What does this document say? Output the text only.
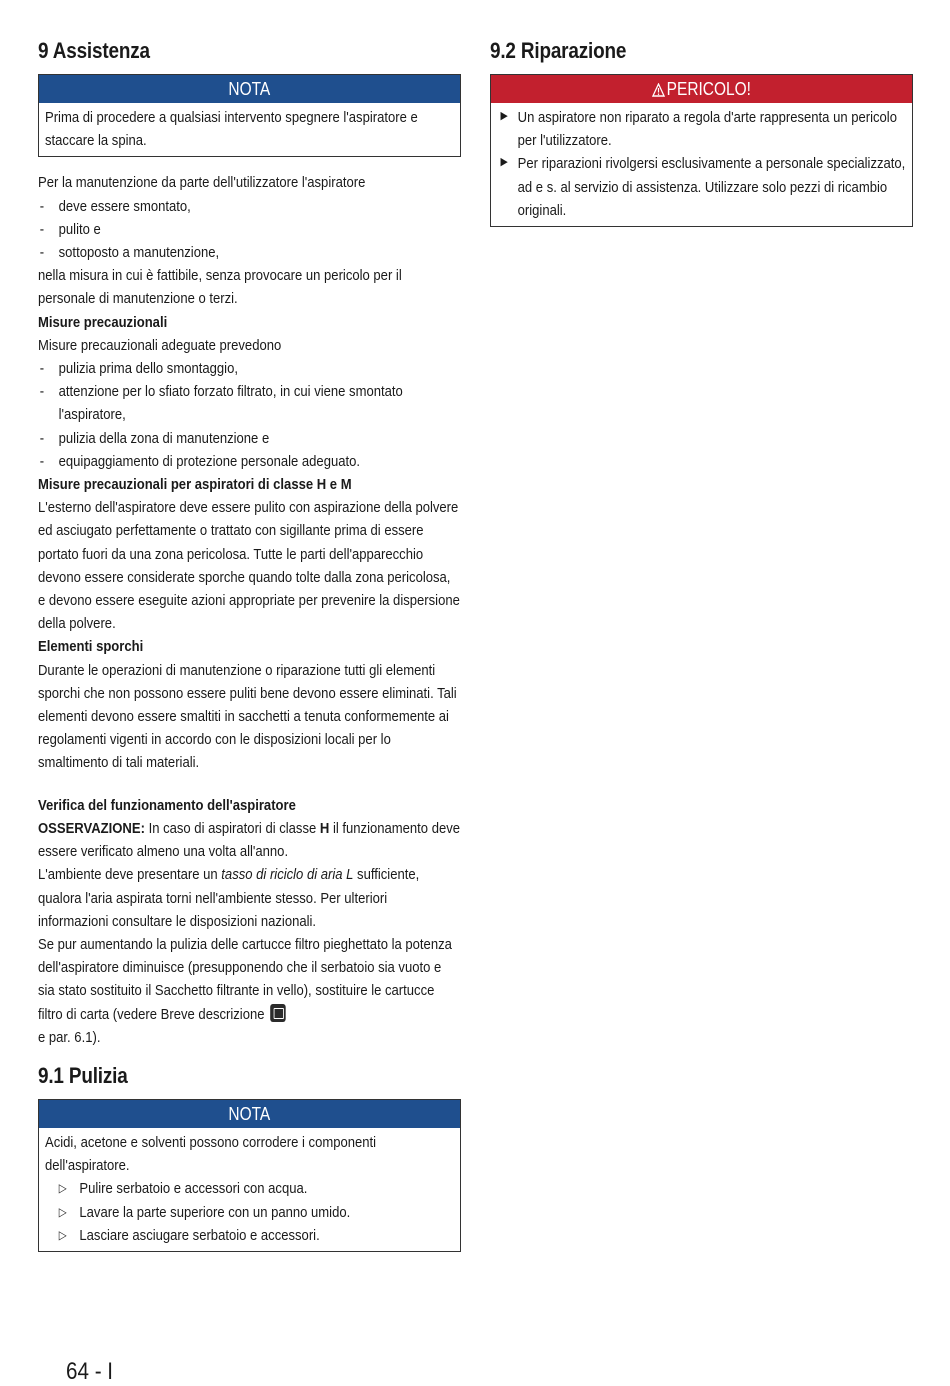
9 Assistenza
NOTA

Prima di procedere a qualsiasi intervento spegnere l'aspiratore e staccare la spina.

Per la manutenzione da parte dell'utilizzatore l'aspiratore

- deve essere smontato,
- pulito e
- sottoposto a manutenzione,

nella misura in cui è fattibile, senza provocare un pericolo per il personale di manutenzione o terzi.

Misure precauzionali

Misure precauzionali adeguate prevedono

- pulizia prima dello smontaggio,
- attenzione per lo sfiato forzato filtrato, in cui viene smontato l'aspiratore,
- pulizia della zona di manutenzione e
- equipaggiamento di protezione personale adeguato.

Misure precauzionali per aspiratori di classe H e M

L'esterno dell'aspiratore deve essere pulito con aspirazione della polvere ed asciugato perfettamente o trattato con sigillante prima di essere portato fuori da una zona pericolosa. Tutte le parti dell'apparecchio devono essere considerate sporche quando tolte dalla zona pericolosa, e devono essere eseguite azioni appropriate per prevenire la dispersione della polvere.

Elementi sporchi

Durante le operazioni di manutenzione o riparazione tutti gli elementi sporchi che non possono essere puliti bene devono essere eliminati. Tali elementi devono essere smaltiti in sacchetti a tenuta conformemente ai regolamenti vigenti in accordo con le disposizioni locali per lo smaltimento di tali materiali.

Verifica del funzionamento dell'aspiratore

OSSERVAZIONE: In caso di aspiratori di classe H il funzionamento deve essere verificato almeno una volta all'anno.

L'ambiente deve presentare un tasso di riciclo di aria L sufficiente, qualora l'aria aspirata torni nell'ambiente stesso. Per ulteriori informazioni consultare le disposizioni nazionali.

Se pur aumentando la pulizia delle cartucce filtro pieghettato la potenza dell'aspiratore diminuisce (presupponendo che il serbatoio sia vuoto e sia stato sostituito il Sacchetto filtrante in vello), sostituire le cartucce filtro di carta (vedere Breve descrizione
e par. 6.1).

9.1 Pulizia
NOTA

Acidi, acetone e solventi possono corrodere i componenti dell'aspiratore.

▷ Pulire serbatoio e accessori con acqua.
▷ Lavare la parte superiore con un panno umido.
▷ Lasciare asciugare serbatoio e accessori.
9.2 Riparazione
PERICOLO!
▶ Un aspiratore non riparato a regola d'arte rappresenta un pericolo per l'utilizzatore.
▶ Per riparazioni rivolgersi esclusivamente a personale specializzato, ad e s. al servizio di assistenza. Utilizzare solo pezzi di ricambio originali.
64 - I
